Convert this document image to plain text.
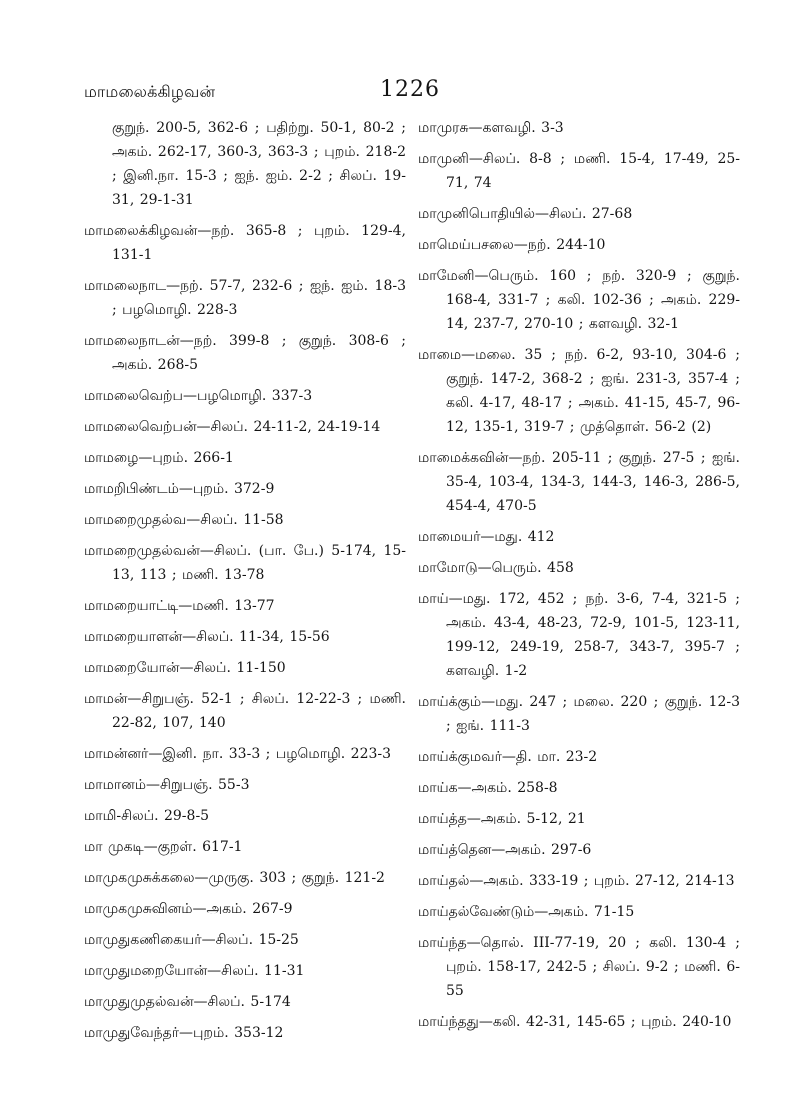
மாமலைக்கிழவன்	1226
குறுந். 200-5, 362-6 ; பதிற்று. 50-1, 80-2 ; அகம். 262-17, 360-3, 363-3 ; புறம். 218-2 ; இனி.நா. 15-3 ; ஐந். ஐம். 2-2 ; சிலப். 19-31, 29-1-31
மாமலைக்கிழவன்—நற். 365-8 ; புறம். 129-4, 131-1
மாமலைநாட—நற். 57-7, 232-6 ; ஐந். ஐம். 18-3 ; பழமொழி. 228-3
மாமலைநாடன்—நற். 399-8 ; குறுந். 308-6 ; அகம். 268-5
மாமலைவெற்ப—பழமொழி. 337-3
மாமலைவெற்பன்—சிலப். 24-11-2, 24-19-14
மாமழை—புறம். 266-1
மாமறிபிண்டம்—புறம். 372-9
மாமறைமுதல்வ—சிலப். 11-58
மாமறைமுதல்வன்—சிலப். (பா. பே.) 5-174, 15-13, 113 ; மணி. 13-78
மாமறையாட்டி—மணி. 13-77
மாமறையாளன்—சிலப். 11-34, 15-56
மாமறையோன்—சிலப். 11-150
மாமன்—சிறுபஞ். 52-1 ; சிலப். 12-22-3 ; மணி. 22-82, 107, 140
மாமன்னர்—இனி. நா. 33-3 ; பழமொழி. 223-3
மாமானம்—சிறுபஞ். 55-3
மாமி-சிலப். 29-8-5
மா முகடி—குறள். 617-1
மாமுகமுசுக்கலை—முருகு. 303 ; குறுந். 121-2
மாமுகமுசுவினம்—அகம். 267-9
மாமுதுகணிகையர்—சிலப். 15-25
மாமுதுமறையோன்—சிலப். 11-31
மாமுதுமுதல்வன்—சிலப். 5-174
மாமுதுவேந்தர்—புறம். 353-12
மாமுரசு—களவழி. 3-3
மாமுனி—சிலப். 8-8 ; மணி. 15-4, 17-49, 25-71, 74
மாமுனிபொதியில்—சிலப். 27-68
மாமெய்பசலை—நற். 244-10
மாமேனி—பெரும். 160 ; நற். 320-9 ; குறுந். 168-4, 331-7 ; கலி. 102-36 ; அகம். 229-14, 237-7, 270-10 ; களவழி. 32-1
மாமை—மலை. 35 ; நற். 6-2, 93-10, 304-6 ; குறுந். 147-2, 368-2 ; ஐங். 231-3, 357-4 ; கலி. 4-17, 48-17 ; அகம். 41-15, 45-7, 96-12, 135-1, 319-7 ; முத்தொள். 56-2 (2)
மாமைக்கவின்—நற். 205-11 ; குறுந். 27-5 ; ஐங். 35-4, 103-4, 134-3, 144-3, 146-3, 286-5, 454-4, 470-5
மாமையர்—மது. 412
மாமோடு—பெரும். 458
மாய்—மது. 172, 452 ; நற். 3-6, 7-4, 321-5 ; அகம். 43-4, 48-23, 72-9, 101-5, 123-11, 199-12, 249-19, 258-7, 343-7, 395-7 ; களவழி. 1-2
மாய்க்கும்—மது. 247 ; மலை. 220 ; குறுந். 12-3 ; ஐங். 111-3
மாய்க்குமவர்—தி. மா. 23-2
மாய்க—அகம். 258-8
மாய்த்த—அகம். 5-12, 21
மாய்த்தென—அகம். 297-6
மாய்தல்—அகம். 333-19 ; புறம். 27-12, 214-13
மாய்தல்வேண்டும்—அகம். 71-15
மாய்ந்த—தொல். III-77-19, 20 ; கலி. 130-4 ; புறம். 158-17, 242-5 ; சிலப். 9-2 ; மணி. 6-55
மாய்ந்தது—கலி. 42-31, 145-65 ; புறம். 240-10
